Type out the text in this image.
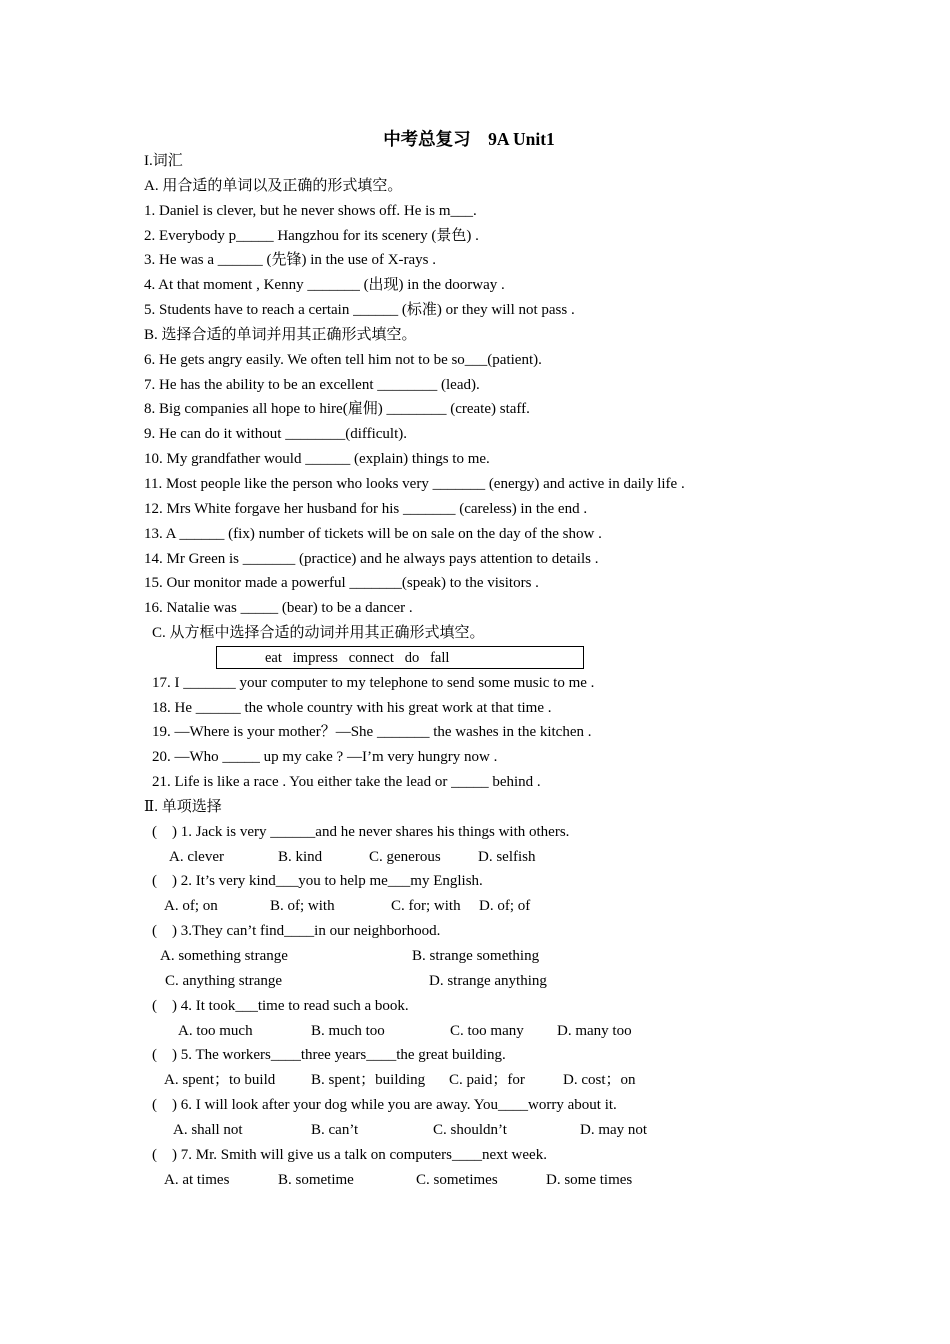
中考总复习    9A Unit1
I.词汇
A. 用合适的单词以及正确的形式填空。
1. Daniel is clever, but he never shows off. He is m___.
2. Everybody p_____ Hangzhou for its scenery (景色) .
3. He was a ______ (先锋) in the use of X-rays .
4. At that moment , Kenny _______ (出现) in the doorway .
5. Students have to reach a certain ______ (标准) or they will not pass .
B. 选择合适的单词并用其正确形式填空。
6. He gets angry easily. We often tell him not to be so___(patient).
7. He has the ability to be an excellent ________ (lead).
8. Big companies all hope to hire(雇佣) ________ (create) staff.
9. He can do it without ________(difficult).
10. My grandfather would ______ (explain) things to me.
11. Most people like the person who looks very _______ (energy) and active in daily life .
12. Mrs White forgave her husband for his _______ (careless) in the end .
13. A ______ (fix) number of tickets will be on sale on the day of the show .
14. Mr Green is _______ (practice) and he always pays attention to details .
15. Our monitor made a powerful _______(speak) to the visitors .
16. Natalie was _____ (bear) to be a dancer .
C. 从方框中选择合适的动词并用其正确形式填空。
eat   impress   connect   do   fall
17. I _______ your computer to my telephone to send some music to me .
18. He ______ the whole country with his great work at that time .
19. —Where is your mother？—She _______ the washes in the kitchen .
20. —Who _____ up my cake ? —I’m very hungry now .
21. Life is like a race . You either take the lead or _____ behind .
Ⅱ. 单项选择
(    ) 1. Jack is very ______and he never shares his things with others.

A. clever

	B. kind

	C. generous

D. selfish

(    ) 2. It’s very kind___you to help me___my English.

A. of; on

	B. of; with

	C. for; with

D. of; of

(    ) 3.They can’t find____in our neighborhood.

A. something strange

	B. strange something

C. anything strange

	D. strange anything

(    ) 4. It took___time to read such a book.

A. too much

	B. much too

	C. too many

D. many too

(    ) 5. The workers____three years____the great building.

A. spent；to build

B. spent；building

C. paid；for

	D. cost；on

(    ) 6. I will look after your dog while you are away. You____worry about it.

A. shall not

	B. can’t

	C. shouldn’t

	D. may not

(    ) 7. Mr. Smith will give us a talk on computers____next week.

A. at times

	B. sometime

	C. sometimes

	D. some times
